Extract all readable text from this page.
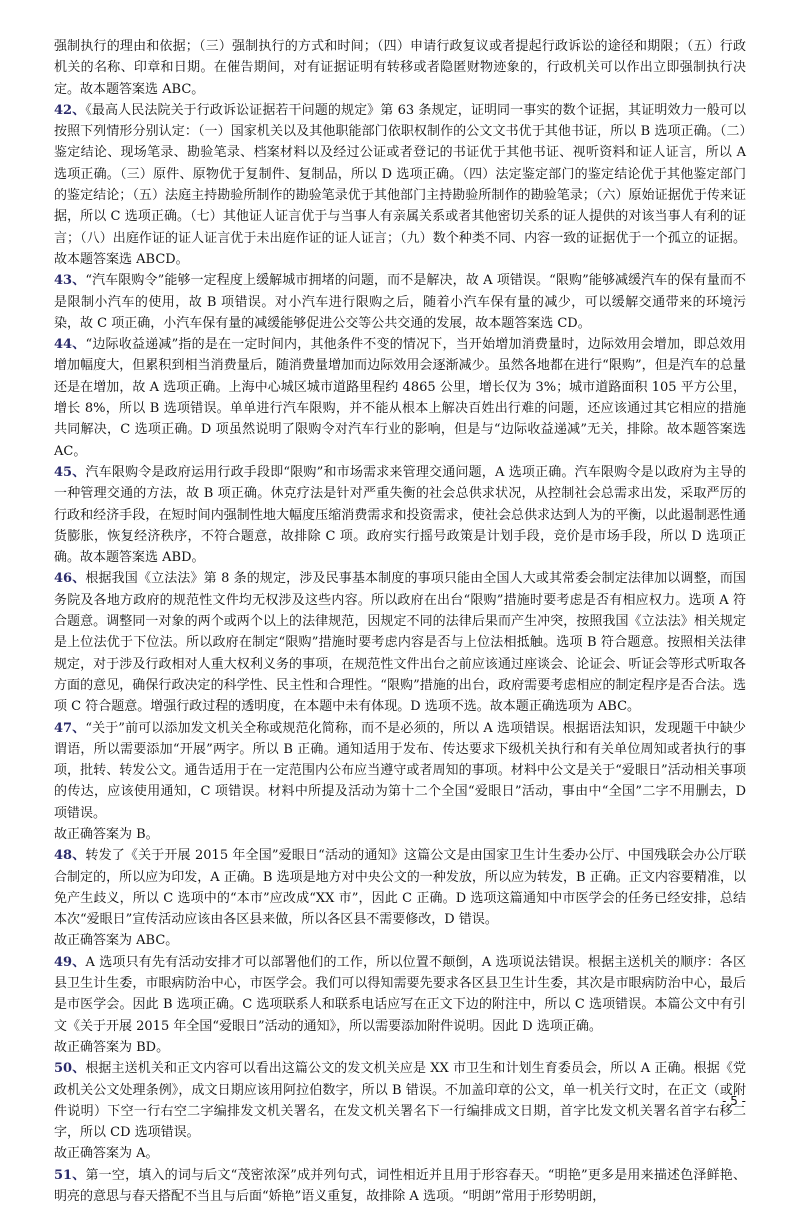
强制执行的理由和依据；（三）强制执行的方式和时间；（四）申请行政复议或者提起行政诉讼的途径和期限；（五）行政机关的名称、印章和日期。在催告期间，对有证据证明有转移或者隐匿财物迹象的，行政机关可以作出立即强制执行决定。故本题答案选 ABC。

42、《最高人民法院关于行政诉讼证据若干问题的规定》第 63 条规定，证明同一事实的数个证据，其证明效力一般可以按照下列情形分别认定：（一）国家机关以及其他职能部门依职权制作的公文文书优于其他书证，所以 B 选项正确。（二）鉴定结论、现场笔录、勘验笔录、档案材料以及经过公证或者登记的书证优于其他书证、视听资料和证人证言，所以 A 选项正确。（三）原件、原物优于复制件、复制品，所以 D 选项正确。（四）法定鉴定部门的鉴定结论优于其他鉴定部门的鉴定结论；（五）法庭主持勘验所制作的勘验笔录优于其他部门主持勘验所制作的勘验笔录；（六）原始证据优于传来证据，所以 C 选项正确。（七）其他证人证言优于与当事人有亲属关系或者其他密切关系的证人提供的对该当事人有利的证言；（八）出庭作证的证人证言优于未出庭作证的证人证言；（九）数个种类不同、内容一致的证据优于一个孤立的证据。故本题答案选 ABCD。

43、“汽车限购令”能够一定程度上缓解城市拥堵的问题，而不是解决，故 A 项错误。“限购”能够减缓汽车的保有量而不是限制小汽车的使用，故 B 项错误。对小汽车进行限购之后，随着小汽车保有量的减少，可以缓解交通带来的环境污染，故 C 项正确，小汽车保有量的减缓能够促进公交等公共交通的发展，故本题答案选 CD。

44、“边际收益递减”指的是在一定时间内，其他条件不变的情况下，当开始增加消费量时，边际效用会增加，即总效用增加幅度大，但累积到相当消费量后，随消费量增加而边际效用会逐渐减少。虽然各地都在进行“限购”，但是汽车的总量还是在增加，故 A 选项正确。上海中心城区城市道路里程约 4865 公里，增长仅为 3%；城市道路面积 105 平方公里，增长 8%，所以 B 选项错误。单单进行汽车限购，并不能从根本上解决百姓出行难的问题，还应该通过其它相应的措施共同解决，C 选项正确。D 项虽然说明了限购令对汽车行业的影响，但是与“边际收益递减”无关，排除。故本题答案选 AC。

45、汽车限购令是政府运用行政手段即“限购”和市场需求来管理交通问题，A 选项正确。汽车限购令是以政府为主导的一种管理交通的方法，故 B 项正确。休克疗法是针对严重失衡的社会总供求状况，从控制社会总需求出发，采取严厉的行政和经济手段，在短时间内强制性地大幅度压缩消费需求和投资需求，使社会总供求达到人为的平衡，以此遏制恶性通货膨胀，恢复经济秩序，不符合题意，故排除 C 项。政府实行摇号政策是计划手段，竞价是市场手段，所以 D 选项正确。故本题答案选 ABD。

46、根据我国《立法法》第 8 条的规定，涉及民事基本制度的事项只能由全国人大或其常委会制定法律加以调整，而国务院及各地方政府的规范性文件均无权涉及这些内容。所以政府在出台“限购”措施时要考虑是否有相应权力。选项 A 符合题意。调整同一对象的两个或两个以上的法律规范，因规定不同的法律后果而产生冲突，按照我国《立法法》相关规定是上位法优于下位法。所以政府在制定“限购”措施时要考虑内容是否与上位法相抵触。选项 B 符合题意。按照相关法律规定，对于涉及行政相对人重大权利义务的事项，在规范性文件出台之前应该通过座谈会、论证会、听证会等形式听取各方面的意见，确保行政决定的科学性、民主性和合理性。“限购”措施的出台，政府需要考虑相应的制定程序是否合法。选项 C 符合题意。增强行政过程的透明度，在本题中未有体现。D 选项不选。故本题正确选项为 ABC。

47、“关于”前可以添加发文机关全称或规范化简称，而不是必须的，所以 A 选项错误。根据语法知识，发现题干中缺少谓语，所以需要添加“开展”两字。所以 B 正确。通知适用于发布、传达要求下级机关执行和有关单位周知或者执行的事项，批转、转发公文。通告适用于在一定范围内公布应当遵守或者周知的事项。材料中公文是关于“爱眼日”活动相关事项的传达，应该使用通知，C 项错误。材料中所提及活动为第十二个全国“爱眼日”活动，事由中“全国”二字不用删去，D 项错误。

故正确答案为 B。

48、转发了《关于开展 2015 年全国”爱眼日“活动的通知》这篇公文是由国家卫生计生委办公厅、中国残联会办公厅联合制定的，所以应为印发，A 正确。B 选项是地方对中央公文的一种发放，所以应为转发，B 正确。正文内容要精准，以免产生歧义，所以 C 选项中的“本市”应改成“XX 市”，因此 C 正确。D 选项这篇通知中市医学会的任务已经安排，总结本次“爱眼日”宣传活动应该由各区县来做，所以各区县不需要修改，D 错误。

故正确答案为 ABC。

49、A 选项只有先有活动安排才可以部署他们的工作，所以位置不颠倒，A 选项说法错误。根据主送机关的顺序：各区县卫生计生委，市眼病防治中心，市医学会。我们可以得知需要先要求各区县卫生计生委，其次是市眼病防治中心，最后是市医学会。因此 B 选项正确。C 选项联系人和联系电话应写在正文下边的附注中，所以 C 选项错误。本篇公文中有引文《关于开展 2015 年全国“爱眼日”活动的通知》，所以需要添加附件说明。因此 D 选项正确。

故正确答案为 BD。

50、根据主送机关和正文内容可以看出这篇公文的发文机关应是 XX 市卫生和计划生育委员会，所以 A 正确。根据《党政机关公文处理条例》，成文日期应该用阿拉伯数字，所以 B 错误。不加盖印章的公文，单一机关行文时，在正文（或附件说明）下空一行右空二字编排发文机关署名，在发文机关署名下一行编排成文日期，首字比发文机关署名首字右移二字，所以 CD 选项错误。

故正确答案为 A。

51、第一空，填入的词与后文“茂密浓深”成并列句式，词性相近并且用于形容春天。“明艳”更多是用来描述色泽鲜艳、明亮的意思与春天搭配不当且与后面“娇艳”语义重复，故排除 A 选项。“明朗”常用于形势明朗，

- 5 -
